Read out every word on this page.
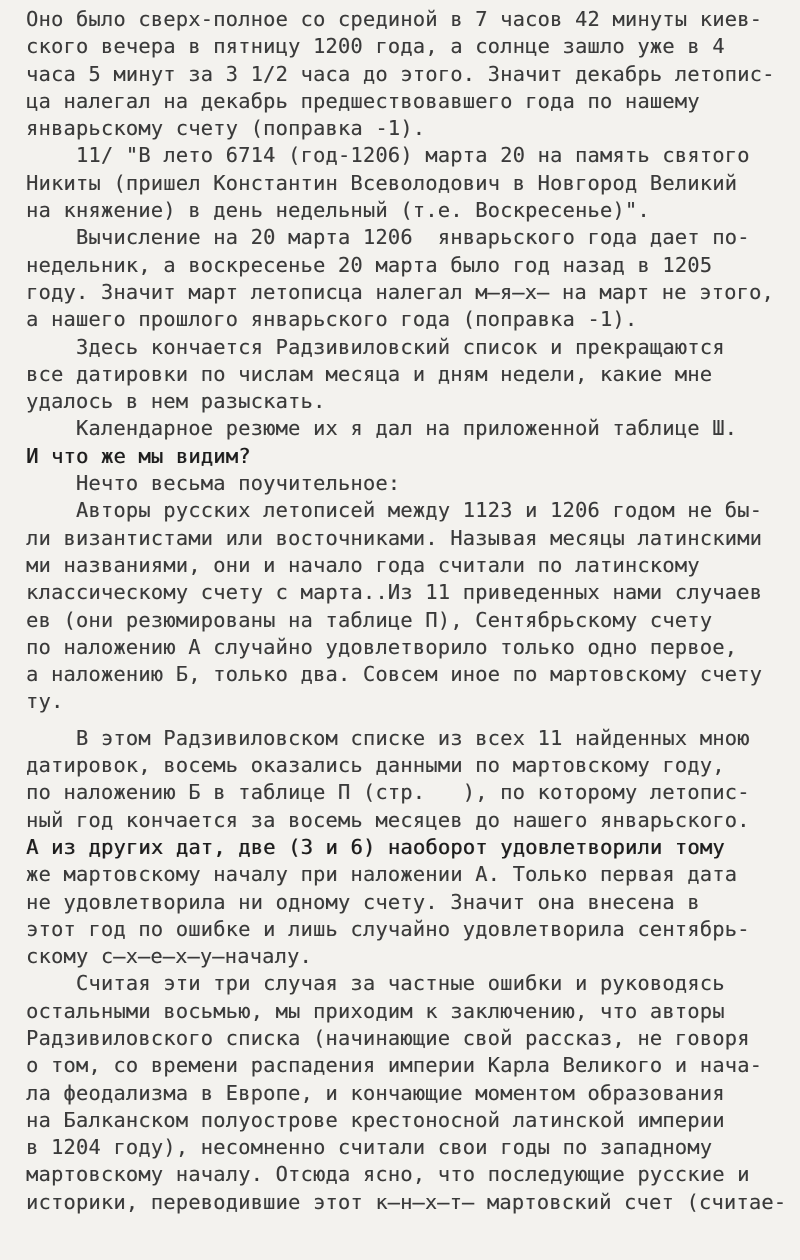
Оно было сверх-полное со срединой в 7 часов 42 минуты киев-
ского вечера в пятницу 1200 года, а солнце зашло уже в 4
часа 5 минут за 3 1/2 часа до этого. Значит декабрь летопис-
ца налегал на декабрь предшествовавшего года по нашему
январьскому счету (поправка -1).
11/ "В лето 6714 (год-1206) марта 20 на память святого
Никиты (пришел Константин Всеволодович в Новгород Великий
на княжение) в день недельный (т.е. Воскресенье)".
Вычисление на 20 марта 1206  январьского года дает по-
недельник, а воскресенье 20 марта было год назад в 1205
году. Значит март летописца налегал м̶я̶х̶ на март не этого,
а нашего прошлого январьского года (поправка -1).
Здесь кончается Радзивиловский список и прекращаются
все датировки по числам месяца и дням недели, какие мне
удалось в нем разыскать.
Календарное резюме их я дал на приложенной таблице Ш.
И что же мы видим?
Нечто весьма поучительное:
Авторы русских летописей между 1123 и 1206 годом не бы-
ли византистами или восточниками. Называя месяцы латинскими
ми названиями, они и начало года считали по латинскому
классическому счету с марта..Из 11 приведенных нами случаев
ев (они резюмированы на таблице П), Сентябрьскому счету
по наложению А случайно удовлетворило только одно первое,
а наложению Б, только два. Совсем иное по мартовскому счету
ту.
В этом Радзивиловском списке из всех 11 найденных мною
датировок, восемь оказались данными по мартовскому году,
по наложению Б в таблице П (стр.   ), по которому летопис-
ный год кончается за восемь месяцев до нашего январьского.
А из других дат, две (3 и 6) наоборот удовлетворили тому
же мартовскому началу при наложении А. Только первая дата
не удовлетворила ни одному счету. Значит она внесена в
этот год по ошибке и лишь случайно удовлетворила сентябрь-
скому с̶х̶е̶х̶у̶началу.
Считая эти три случая за частные ошибки и руководясь
остальными восьмью, мы приходим к заключению, что авторы
Радзивиловского списка (начинающие свой рассказ, не говоря
о том, со времени распадения империи Карла Великого и нача-
ла феодализма в Европе, и кончающие моментом образования
на Балканском полуострове крестоносной латинской империи
в 1204 году), несомненно считали свои годы по западному
мартовскому началу. Отсюда ясно, что последующие русские и
историки, переводившие этот к̶н̶х̶т̶ мартовский счет (считае-
